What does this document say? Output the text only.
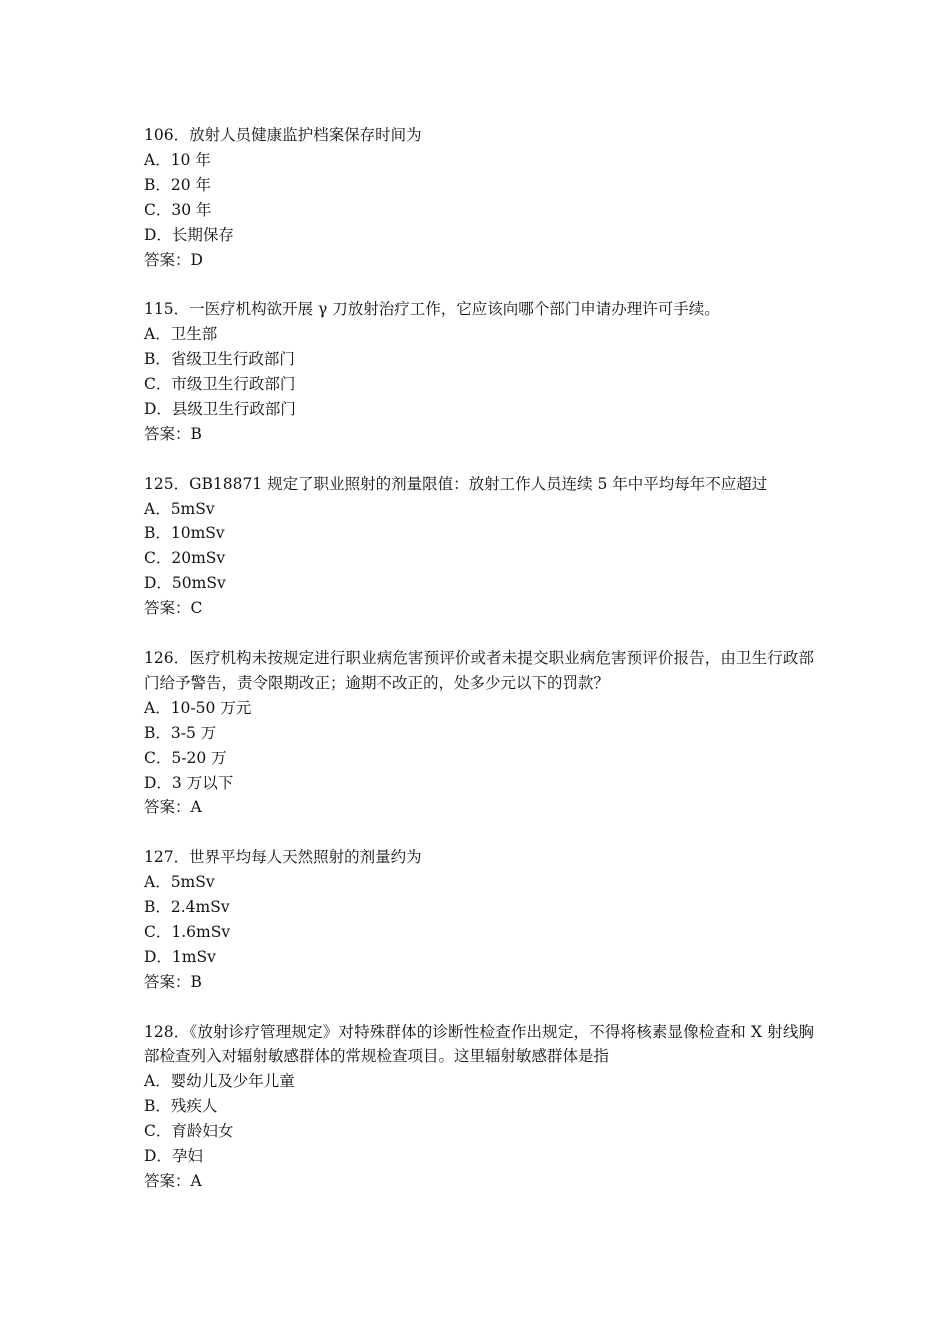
106．放射人员健康监护档案保存时间为

A．10 年

B．20 年

C．30 年

D．长期保存

答案：D

115．一医疗机构欲开展 γ 刀放射治疗工作，它应该向哪个部门申请办理许可手续。

A．卫生部

B．省级卫生行政部门

C．市级卫生行政部门

D．县级卫生行政部门

答案：B

125．GB18871 规定了职业照射的剂量限值：放射工作人员连续 5 年中平均每年不应超过

A．5mSv

B．10mSv

C．20mSv

D．50mSv

答案：C

126．医疗机构未按规定进行职业病危害预评价或者未提交职业病危害预评价报告，由卫生行政部门给予警告，责令限期改正；逾期不改正的，处多少元以下的罚款？

A．10-50 万元

B．3-5 万

C．5-20 万

D．3 万以下

答案：A

127．世界平均每人天然照射的剂量约为

A．5mSv

B．2.4mSv

C．1.6mSv

D．1mSv

答案：B

128．《放射诊疗管理规定》对特殊群体的诊断性检查作出规定，不得将核素显像检查和 X 射线胸部检查列入对辐射敏感群体的常规检查项目。这里辐射敏感群体是指

A．婴幼儿及少年儿童

B．残疾人

C．育龄妇女

D．孕妇

答案：A
